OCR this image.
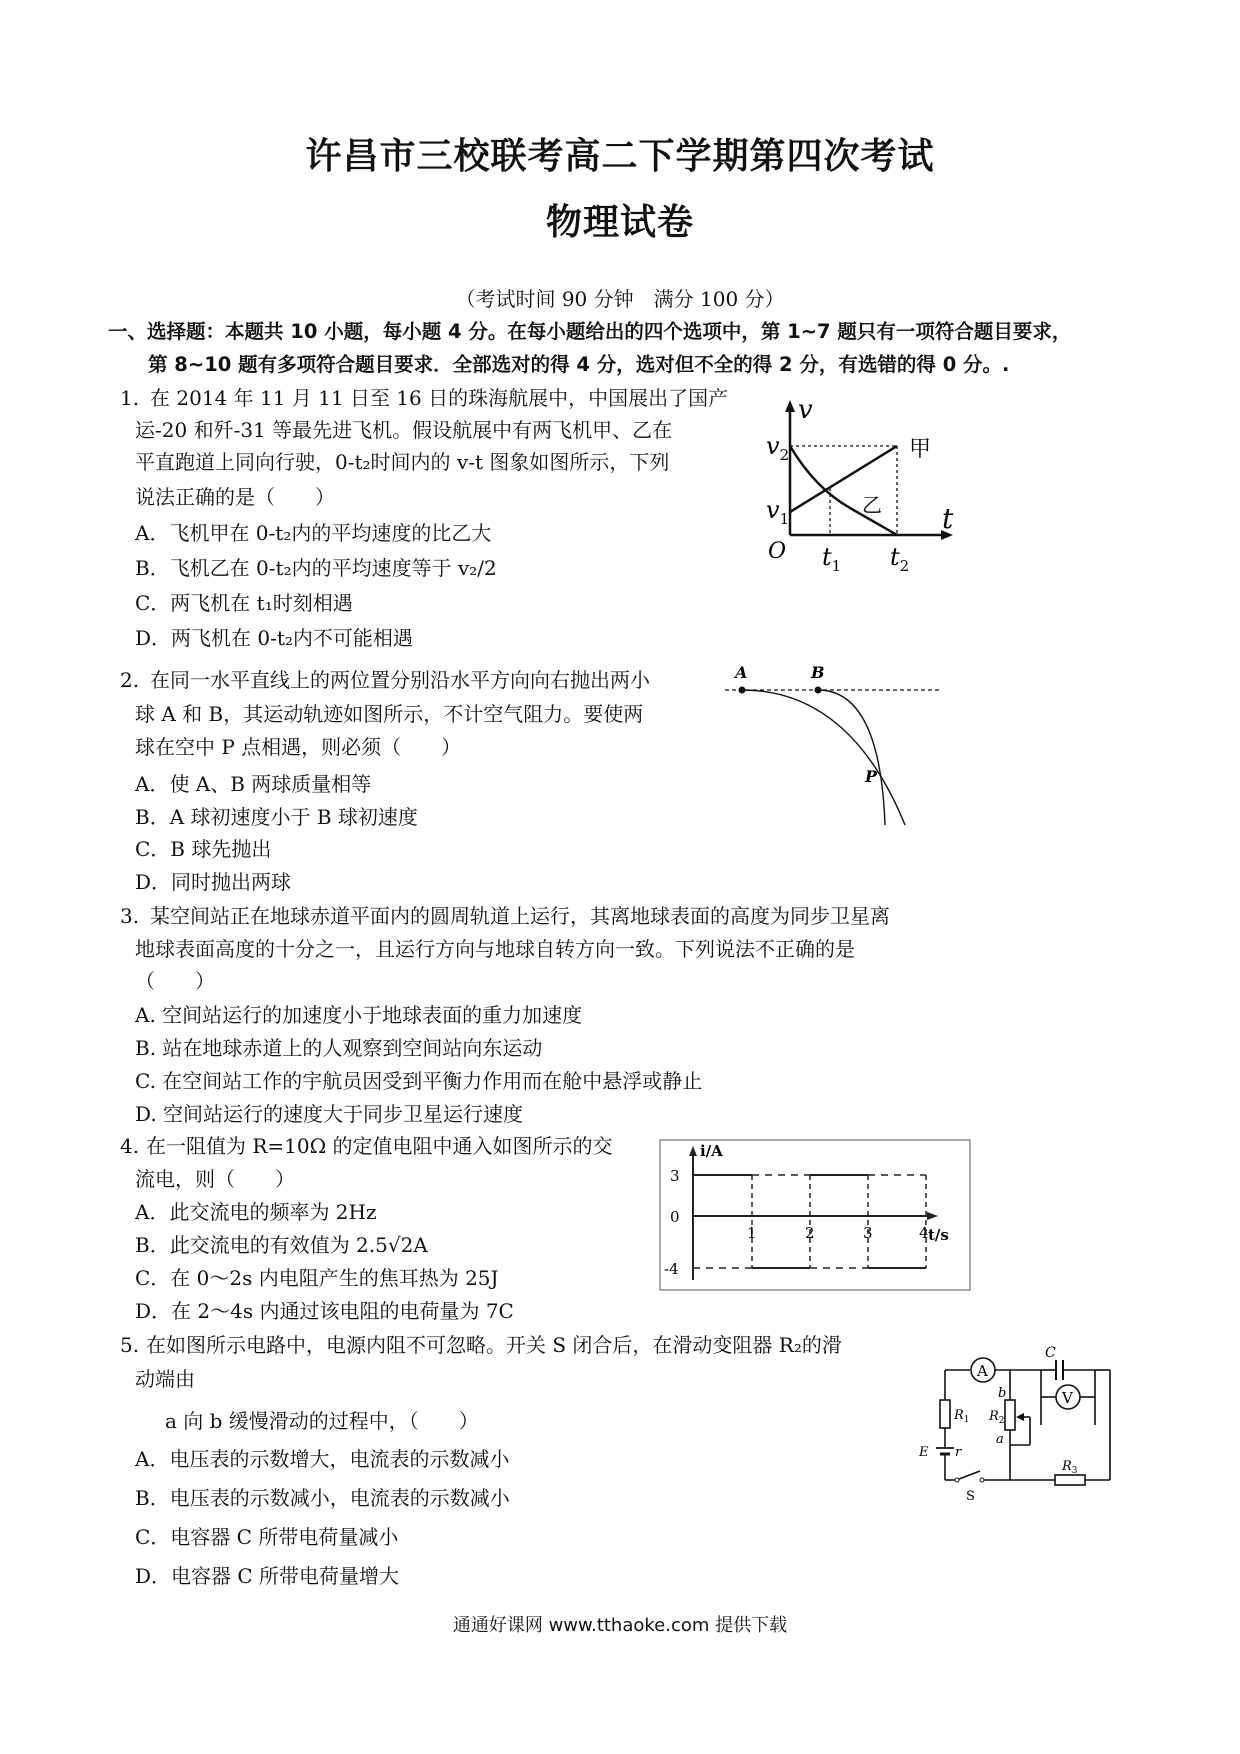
许昌市三校联考高二下学期第四次考试
物理试卷
（考试时间 90 分钟　满分 100 分）
一、选择题：本题共 10 小题，每小题 4 分。在每小题给出的四个选项中，第 1~7 题只有一项符合题目要求，
第 8~10 题有多项符合题目要求．全部选对的得 4 分，选对但不全的得 2 分，有选错的得 0 分。.
1. 在 2014 年 11 月 11 日至 16 日的珠海航展中，中国展出了国产
运-20 和歼-31 等最先进飞机。假设航展中有两飞机甲、乙在
平直跑道上同向行驶，0-t₂时间内的 v-t 图象如图所示，下列
说法正确的是（　　）
A．飞机甲在 0-t₂内的平均速度的比乙大
B．飞机乙在 0-t₂内的平均速度等于 v₂/2
C．两飞机在 t₁时刻相遇
D．两飞机在 0-t₂内不可能相遇
v
t
O
$v_2$
$v_1$
$t_1$ $t_2$
甲
乙
2. 在同一水平直线上的两位置分别沿水平方向向右抛出两小
球 A 和 B，其运动轨迹如图所示，不计空气阻力。要使两
球在空中 P 点相遇，则必须（　　）
A．使 A、B 两球质量相等
B．A 球初速度小于 B 球初速度
C．B 球先抛出
D．同时抛出两球
A	B
P
3. 某空间站正在地球赤道平面内的圆周轨道上运行，其离地球表面的高度为同步卫星离
地球表面高度的十分之一，且运行方向与地球自转方向一致。下列说法不正确的是
（　　）
A. 空间站运行的加速度小于地球表面的重力加速度
B. 站在地球赤道上的人观察到空间站向东运动
C. 在空间站工作的宇航员因受到平衡力作用而在舱中悬浮或静止
D. 空间站运行的速度大于同步卫星运行速度
4. 在一阻值为 R=10Ω 的定值电阻中通入如图所示的交
流电，则（　　）
A．此交流电的频率为 2Hz
B．此交流电的有效值为 2.5√2A
C．在 0～2s 内电阻产生的焦耳热为 25J
D．在 2～4s 内通过该电阻的电荷量为 7C
i/A
t/s
3
0
-4
1	2	3	4
5. 在如图所示电路中，电源内阻不可忽略。开关 S 闭合后，在滑动变阻器 R₂的滑
动端由
a 向 b 缓慢滑动的过程中，（　　）
A．电压表的示数增大，电流表的示数减小
B．电压表的示数减小，电流表的示数减小
C．电容器 C 所带电荷量减小
D．电容器 C 所带电荷量增大
A
C
V
$R_1$
E r
S
$R_2$
b
a
$R_3$
通通好课网 www.tthaoke.com 提供下载
